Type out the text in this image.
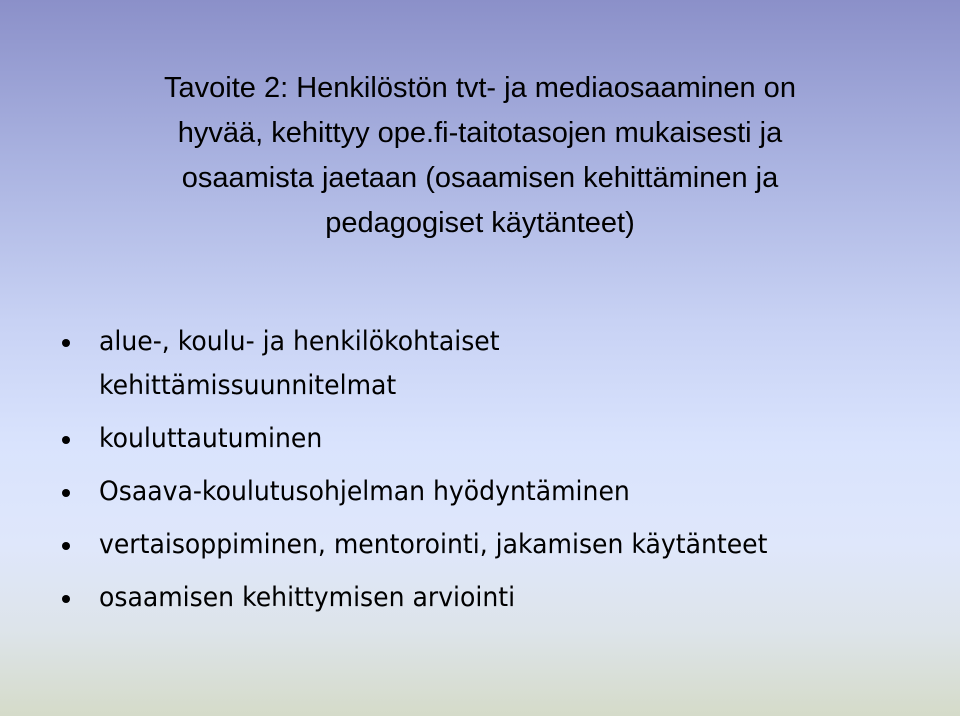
Tavoite 2: Henkilöstön tvt- ja mediaosaaminen on
hyvää, kehittyy ope.fi-taitotasojen mukaisesti ja
osaamista jaetaan (osaamisen kehittäminen ja
pedagogiset käytänteet)
alue-, koulu- ja henkilökohtaiset
kehittämissuunnitelmat
kouluttautuminen
Osaava-koulutusohjelman hyödyntäminen
vertaisoppiminen, mentorointi, jakamisen käytänteet
osaamisen kehittymisen arviointi
